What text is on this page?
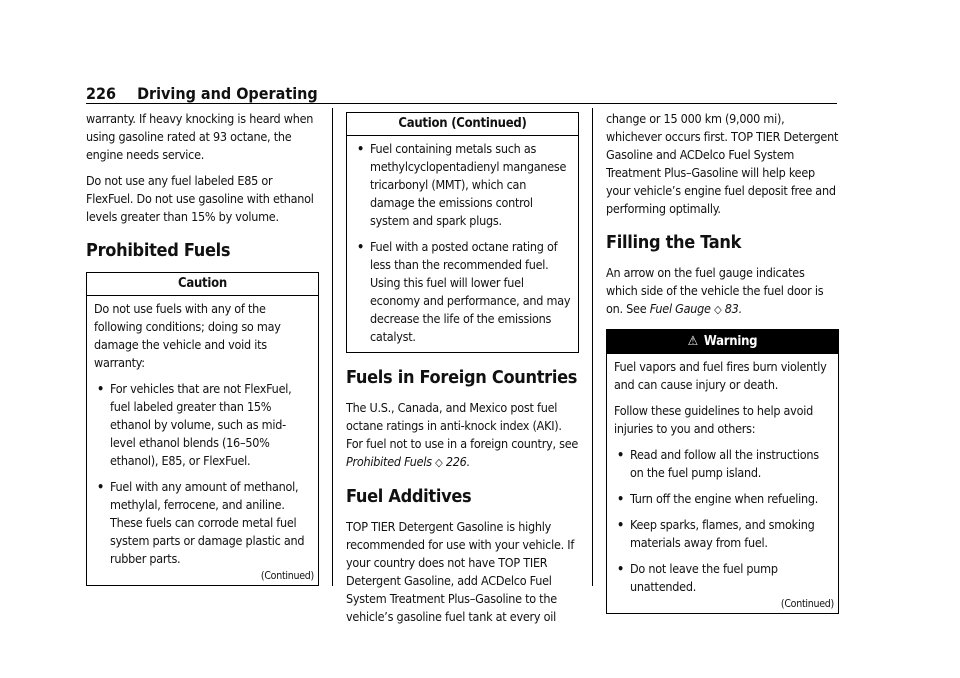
226 Driving and Operating

warranty. If heavy knocking is heard when using gasoline rated at 93 octane, the engine needs service.

Do not use any fuel labeled E85 or FlexFuel. Do not use gasoline with ethanol levels greater than 15% by volume.

Prohibited Fuels
Caution

Do not use fuels with any of the following conditions; doing so may damage the vehicle and void its warranty:

• For vehicles that are not FlexFuel, fuel labeled greater than 15% ethanol by volume, such as mid-level ethanol blends (16–50% ethanol), E85, or FlexFuel.
• Fuel with any amount of methanol, methylal, ferrocene, and aniline. These fuels can corrode metal fuel system parts or damage plastic and rubber parts.
(Continued)
Caution (Continued)
• Fuel containing metals such as methylcyclopentadienyl manganese tricarbonyl (MMT), which can damage the emissions control system and spark plugs.
• Fuel with a posted octane rating of less than the recommended fuel. Using this fuel will lower fuel economy and performance, and may decrease the life of the emissions catalyst.
Fuels in Foreign Countries

The U.S., Canada, and Mexico post fuel octane ratings in anti-knock index (AKI). For fuel not to use in a foreign country, see Prohibited Fuels ◇ 226.

Fuel Additives

TOP TIER Detergent Gasoline is highly recommended for use with your vehicle. If your country does not have TOP TIER Detergent Gasoline, add ACDelco Fuel System Treatment Plus–Gasoline to the vehicle’s gasoline fuel tank at every oil

change or 15 000 km (9,000 mi), whichever occurs first. TOP TIER Detergent Gasoline and ACDelco Fuel System Treatment Plus–Gasoline will help keep your vehicle’s engine fuel deposit free and performing optimally.

Filling the Tank

An arrow on the fuel gauge indicates which side of the vehicle the fuel door is on. See Fuel Gauge ◇ 83.

⚠ Warning

Fuel vapors and fuel fires burn violently and can cause injury or death.

Follow these guidelines to help avoid injuries to you and others:

• Read and follow all the instructions on the fuel pump island.
• Turn off the engine when refueling.
• Keep sparks, flames, and smoking materials away from fuel.
• Do not leave the fuel pump unattended.
(Continued)
